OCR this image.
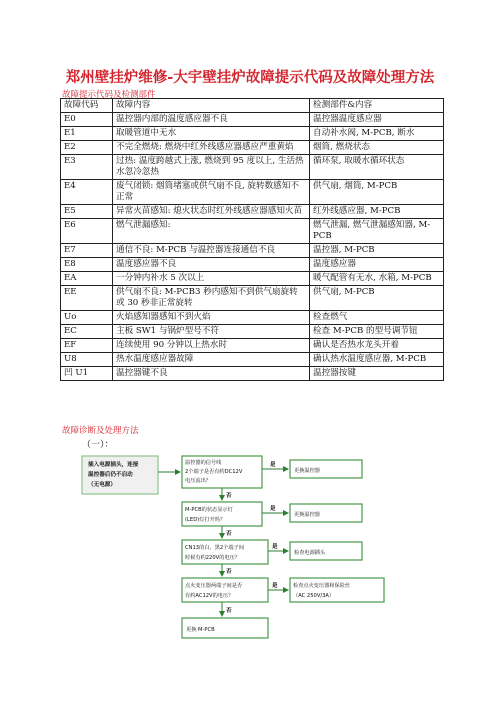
郑州壁挂炉维修-大宇壁挂炉故障提示代码及故障处理方法
故障提示代码及检测部件
故障代码	故障内容	检测部件&内容
E0	温控器内部的温度感应器不良	温控器温度感应器
E1	取暖管道中无水	自动补水阀, M-PCB, 断水
E2	不完全燃烧: 燃烧中红外线感应器感应严重黄焰	烟筒, 燃烧状态
E3	过热: 温度跨越式上涨, 燃烧到 95 度以上, 生活热水忽冷忽热	循环泵, 取暖水循环状态
E4	废气闭锁: 烟筒堵塞或供气扇不良, 旋转数感知不正常	供气扇, 烟筒, M-PCB
E5	异常火苗感知: 熄火状态时红外线感应器感知火苗	红外线感应器, M-PCB
E6	燃气泄漏感知:	燃气泄漏, 燃气泄漏感知器, M-PCB
E7	通信不良: M-PCB 与温控器连接通信不良	温控器, M-PCB
E8	温度感应器不良	温度感应器
EA	一分钟内补水 5 次以上	暖气配管有无水, 水箱, M-PCB
EE	供气扇不良: M-PCB3 秒内感知不到供气扇旋转或 30 秒非正常旋转	供气扇, M-PCB
Uo	火焰感知器感知不到火焰	检查燃气
EC	主板 SW1 与锅炉型号不符	检查 M-PCB 的型号调节钮
EF	连续使用 90 分钟以上热水时	确认是否热水龙头开着
U8	热水温度感应器故障	确认热水温度感应器, M-PCB
凹 U1	温控器键不良	温控器按键
故障诊断及处理方法
（一）：
插入电源插头，连接
温控器后仍不启动
（无电源）
温控器的信号线
2个端子是否有约DC12V
电压流出？
M-PCB的状态显示灯
(LED)灯打开吗？
CN13的白，黑2个端子间
时候有约220V的电压？
点火变压器两端子间是否
有约AC12V的电压？
更换 M-PCB
更换温控器
更换温控器
检查电源插头
检查点火变压器和保险丝
（AC 250V/3A）
是
是
是
是
否
否
否
否
